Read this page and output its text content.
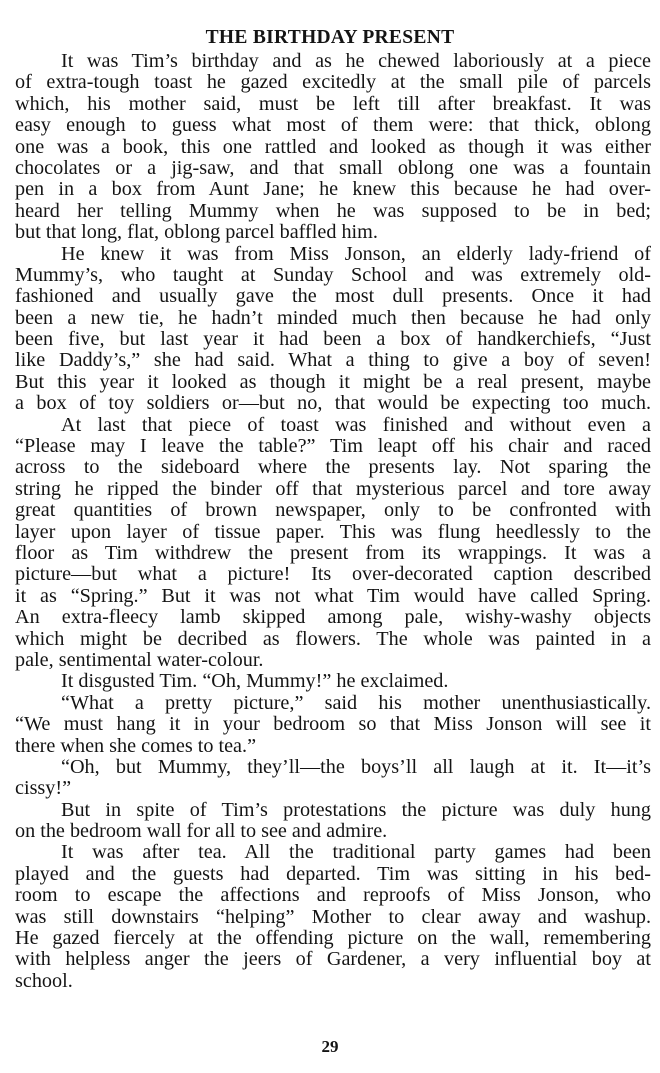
THE BIRTHDAY PRESENT
It was Tim’s birthday and as he chewed laboriously at a piece
of extra-tough toast he gazed excitedly at the small pile of parcels
which, his mother said, must be left till after breakfast. It was
easy enough to guess what most of them were: that thick, oblong
one was a book, this one rattled and looked as though it was either
chocolates or a jig-saw, and that small oblong one was a fountain
pen in a box from Aunt Jane; he knew this because he had over-
heard her telling Mummy when he was supposed to be in bed;
but that long, flat, oblong parcel baffled him.
He knew it was from Miss Jonson, an elderly lady-friend of
Mummy’s, who taught at Sunday School and was extremely old-
fashioned and usually gave the most dull presents. Once it had
been a new tie, he hadn’t minded much then because he had only
been five, but last year it had been a box of handkerchiefs, “Just
like Daddy’s,” she had said. What a thing to give a boy of seven!
But this year it looked as though it might be a real present, maybe
a box of toy soldiers or—but no, that would be expecting too much.
At last that piece of toast was finished and without even a
“Please may I leave the table?” Tim leapt off his chair and raced
across to the sideboard where the presents lay. Not sparing the
string he ripped the binder off that mysterious parcel and tore away
great quantities of brown newspaper, only to be confronted with
layer upon layer of tissue paper. This was flung heedlessly to the
floor as Tim withdrew the present from its wrappings. It was a
picture—but what a picture! Its over-decorated caption described
it as “Spring.” But it was not what Tim would have called Spring.
An extra-fleecy lamb skipped among pale, wishy-washy objects
which might be decribed as flowers. The whole was painted in a
pale, sentimental water-colour.
It disgusted Tim. “Oh, Mummy!” he exclaimed.
“What a pretty picture,” said his mother unenthusiastically.
“We must hang it in your bedroom so that Miss Jonson will see it
there when she comes to tea.”
“Oh, but Mummy, they’ll—the boys’ll all laugh at it. It—it’s
cissy!”
But in spite of Tim’s protestations the picture was duly hung
on the bedroom wall for all to see and admire.
It was after tea. All the traditional party games had been
played and the guests had departed. Tim was sitting in his bed-
room to escape the affections and reproofs of Miss Jonson, who
was still downstairs “helping” Mother to clear away and washup.
He gazed fiercely at the offending picture on the wall, remembering
with helpless anger the jeers of Gardener, a very influential boy at
school.
29
